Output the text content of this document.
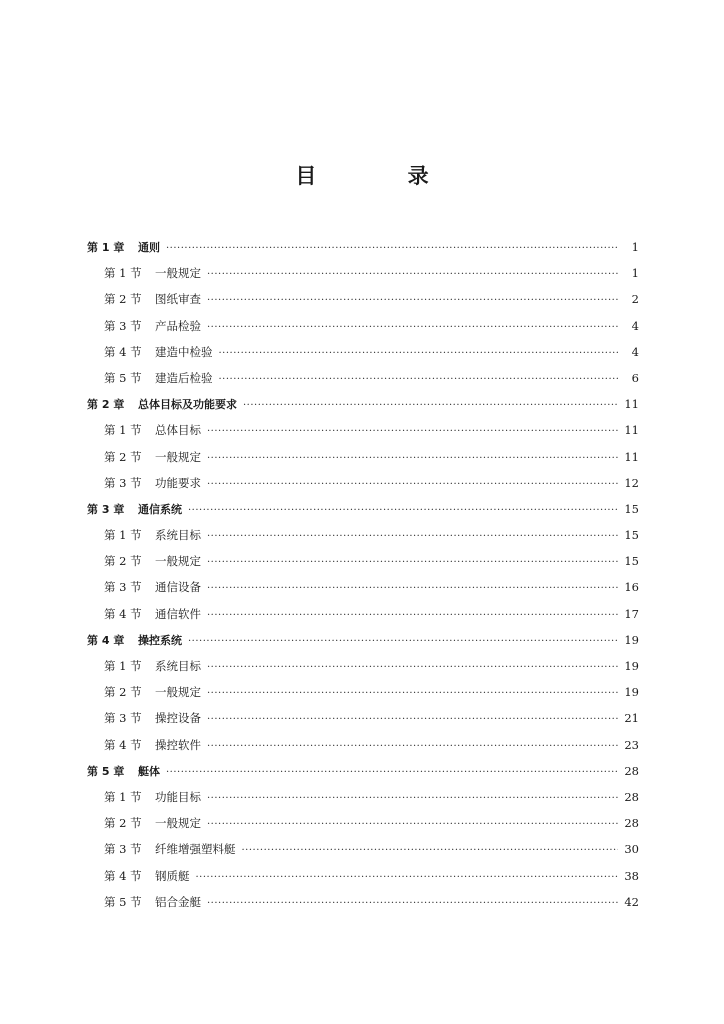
目 录
第 1 章	通则 ·····	1
第 1 节	一般规定 ·····	1
第 2 节	图纸审查 ·····	2
第 3 节	产品检验 ·····	4
第 4 节	建造中检验 ·····	4
第 5 节	建造后检验 ·····	6
第 2 章	总体目标及功能要求 ·····	11
第 1 节	总体目标 ·····	11
第 2 节	一般规定 ·····	11
第 3 节	功能要求 ·····	12
第 3 章	通信系统 ·····	15
第 1 节	系统目标 ·····	15
第 2 节	一般规定 ·····	15
第 3 节	通信设备 ·····	16
第 4 节	通信软件 ·····	17
第 4 章	操控系统 ·····	19
第 1 节	系统目标 ·····	19
第 2 节	一般规定 ·····	19
第 3 节	操控设备 ·····	21
第 4 节	操控软件 ·····	23
第 5 章	艇体 ·····	28
第 1 节	功能目标 ·····	28
第 2 节	一般规定 ·····	28
第 3 节	纤维增强塑料艇 ·····	30
第 4 节	钢质艇 ·····	38
第 5 节	铝合金艇 ·····	42
